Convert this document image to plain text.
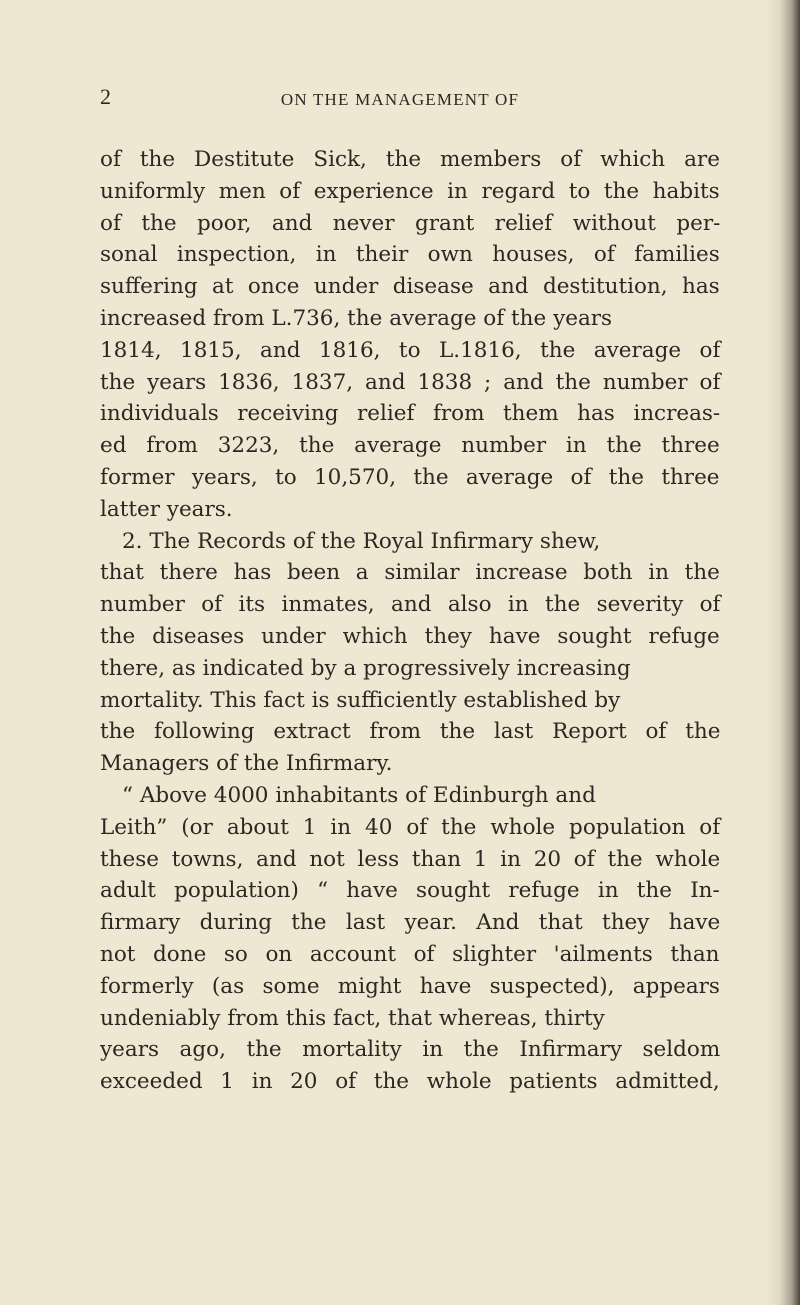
2	ON THE MANAGEMENT OF
of the Destitute Sick, the members of which are
uniformly men of experience in regard to the habits
of the poor, and never grant relief without per-
sonal inspection, in their own houses, of families
suffering at once under disease and destitution, has
increased from L.736, the average of the years
1814, 1815, and 1816, to L.1816, the average of
the years 1836, 1837, and 1838 ; and the number of
individuals receiving relief from them has increas-
ed from 3223, the average number in the three
former years, to 10,570, the average of the three
latter years.
2. The Records of the Royal Infirmary shew,
that there has been a similar increase both in the
number of its inmates, and also in the severity of
the diseases under which they have sought refuge
there, as indicated by a progressively increasing
mortality. This fact is sufficiently established by
the following extract from the last Report of the
Managers of the Infirmary.
“ Above 4000 inhabitants of Edinburgh and
Leith” (or about 1 in 40 of the whole population of
these towns, and not less than 1 in 20 of the whole
adult population) “ have sought refuge in the In-
firmary during the last year. And that they have
not done so on account of slighter 'ailments than
formerly (as some might have suspected), appears
undeniably from this fact, that whereas, thirty
years ago, the mortality in the Infirmary seldom
exceeded 1 in 20 of the whole patients admitted,
